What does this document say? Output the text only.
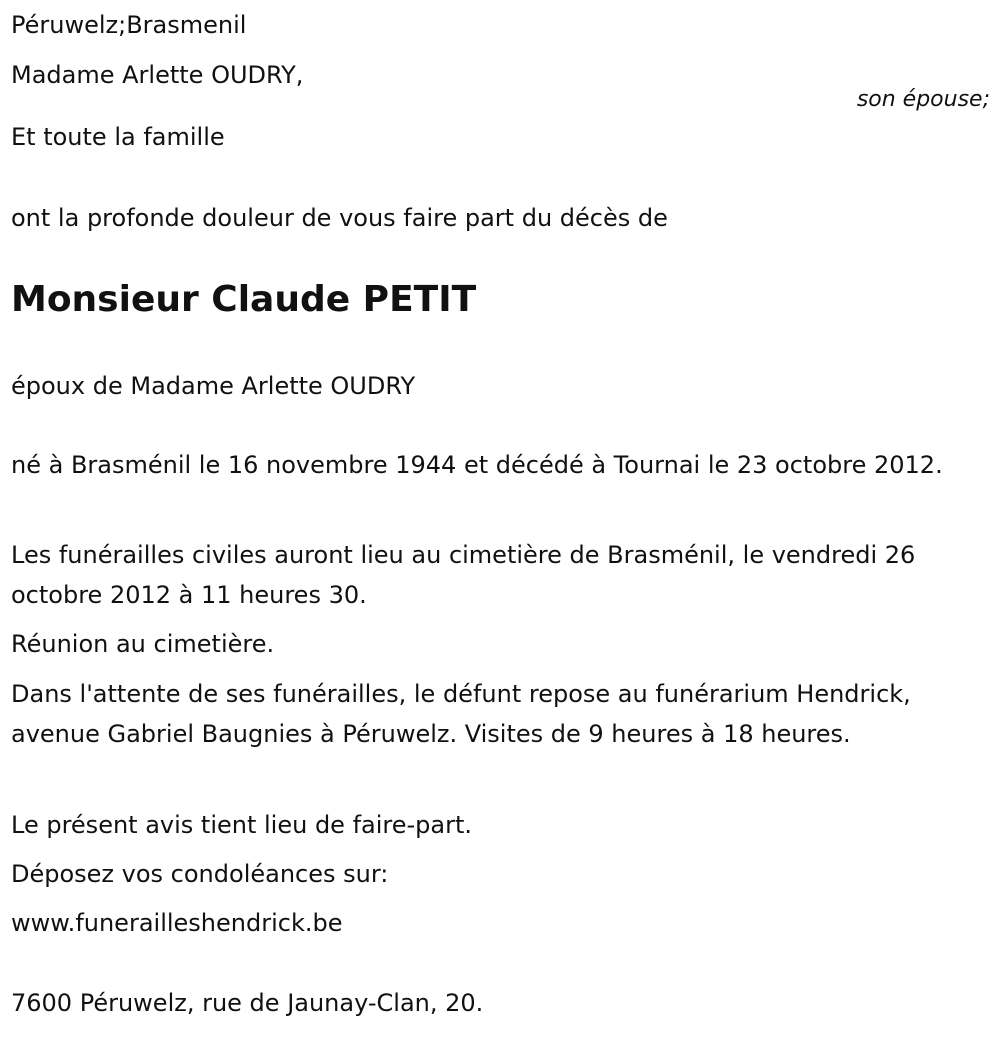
Péruwelz;Brasmenil

Madame Arlette OUDRY,

son épouse;

Et toute la famille

ont la profonde douleur de vous faire part du décès de

Monsieur Claude PETIT

époux de Madame Arlette OUDRY

né à Brasménil le 16 novembre 1944 et décédé à Tournai le 23 octobre 2012.

Les funérailles civiles auront lieu au cimetière de Brasménil, le vendredi 26 octobre 2012 à 11 heures 30.

Réunion au cimetière.

Dans l'attente de ses funérailles, le défunt repose au funérarium Hendrick, avenue Gabriel Baugnies à Péruwelz. Visites de 9 heures à 18 heures.

Le présent avis tient lieu de faire-part.

Déposez vos condoléances sur:

www.funerailleshendrick.be

7600 Péruwelz, rue de Jaunay-Clan, 20.
